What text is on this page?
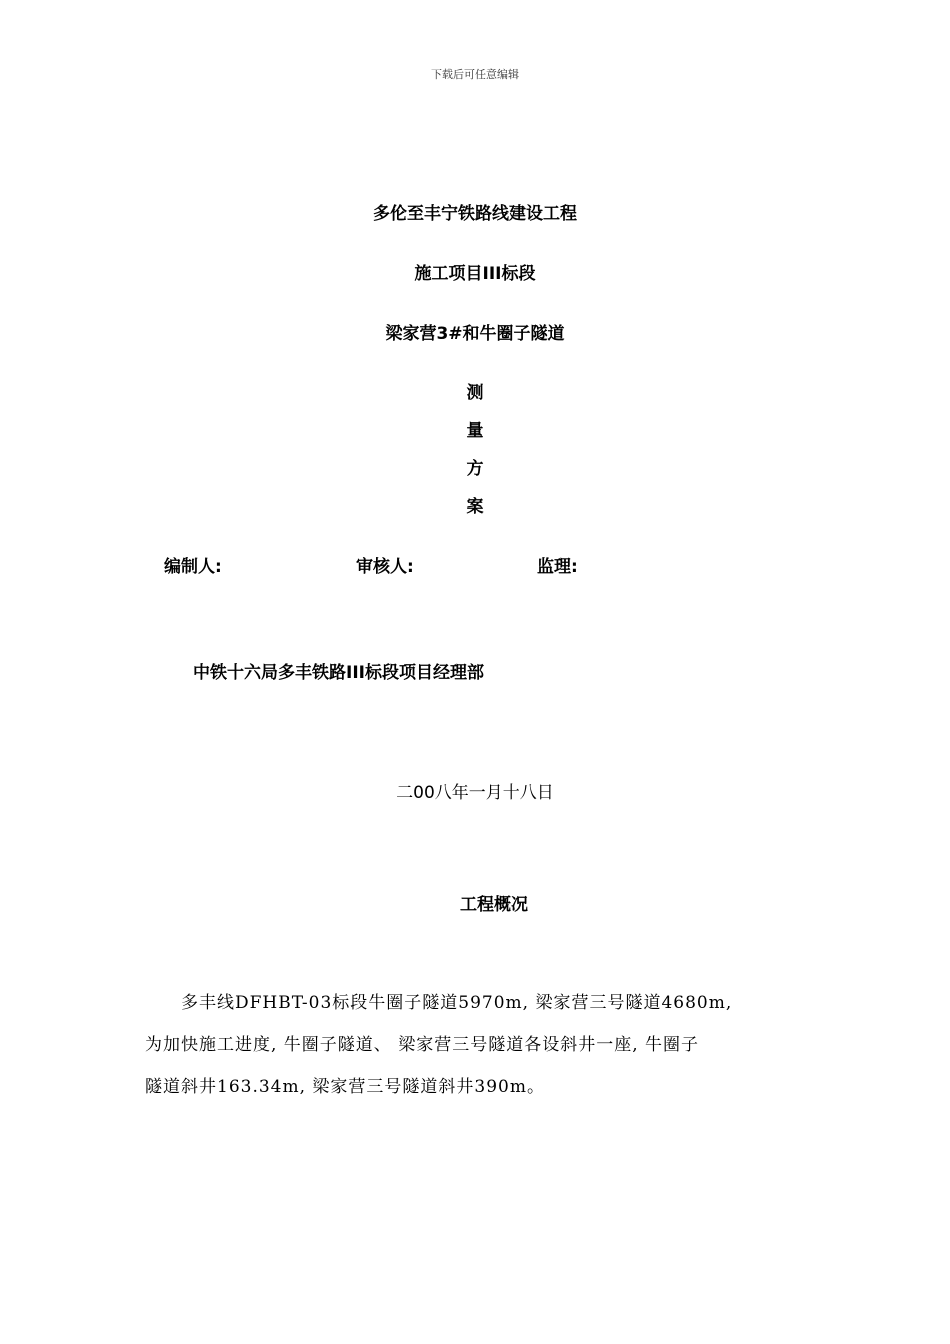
下载后可任意编辑
多伦至丰宁铁路线建设工程
施工项目III标段
梁家营3#和牛圈子隧道
测
量
方
案
编制人:	审核人:	监理:
中铁十六局多丰铁路III标段项目经理部
二00八年一月十八日
工程概况
多丰线DFHBT-03标段牛圈子隧道5970m, 梁家营三号隧道4680m,
为加快施工进度, 牛圈子隧道、 梁家营三号隧道各设斜井一座, 牛圈子
隧道斜井163.34m, 梁家营三号隧道斜井390m。
